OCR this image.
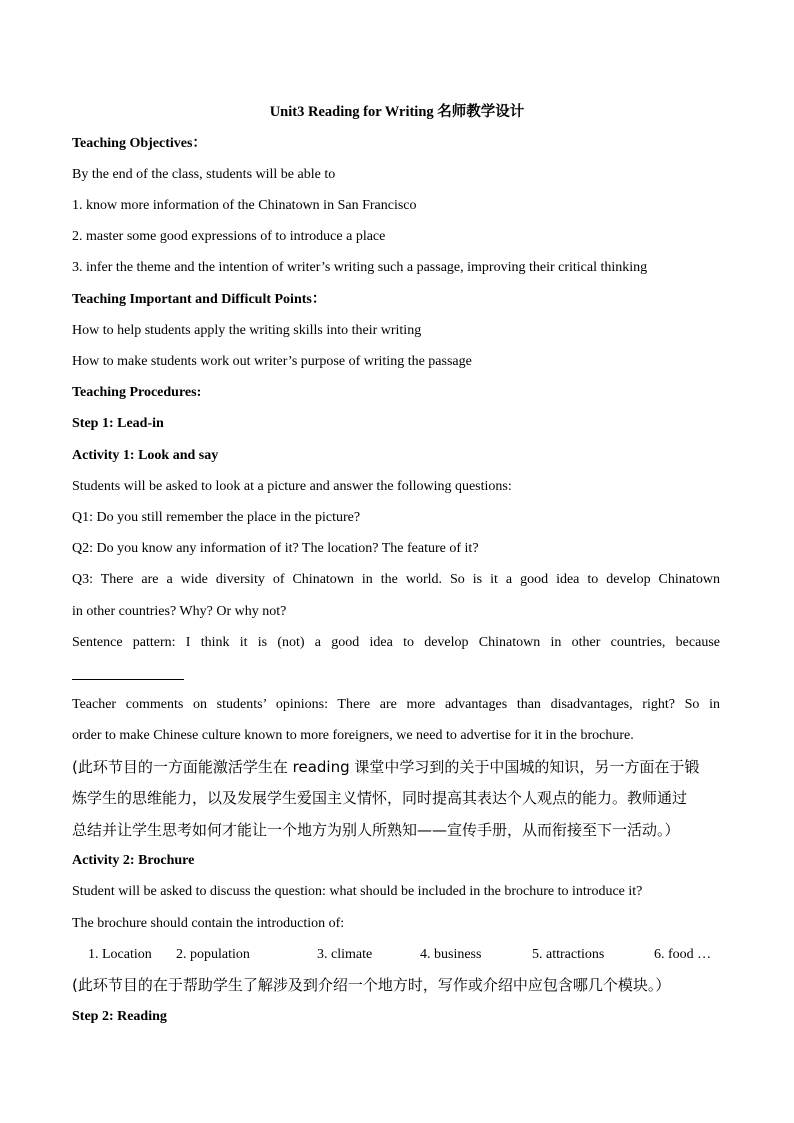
Unit3 Reading for Writing 名师教学设计
Teaching Objectives：
By the end of the class, students will be able to
1. know more information of the Chinatown in San Francisco
2. master some good expressions of to introduce a place
3. infer the theme and the intention of writer’s writing such a passage, improving their critical thinking
Teaching Important and Difficult Points：
How to help students apply the writing skills into their writing
How to make students work out writer’s purpose of writing the passage
Teaching Procedures:
Step 1: Lead-in
Activity 1: Look and say
Students will be asked to look at a picture and answer the following questions:
Q1: Do you still remember the place in the picture?
Q2: Do you know any information of it? The location? The feature of it?
Q3: There are a wide diversity of Chinatown in the world. So is it a good idea to develop Chinatown
in other countries? Why? Or why not?
Sentence pattern: I think it is (not) a good idea to develop Chinatown in other countries, because
Teacher comments on students’ opinions: There are more advantages than disadvantages, right? So in
order to make Chinese culture known to more foreigners, we need to advertise for it in the brochure.
(此环节目的一方面能激活学生在 reading 课堂中学习到的关于中国城的知识，另一方面在于锻
炼学生的思维能力，以及发展学生爱国主义情怀，同时提高其表达个人观点的能力。教师通过
总结并让学生思考如何才能让一个地方为别人所熟知——宣传手册，从而衔接至下一活动。）
Activity 2: Brochure
Student will be asked to discuss the question: what should be included in the brochure to introduce it?
The brochure should contain the introduction of:
1. Location 2. population	3. climate	4. business	5. attractions	6. food …
(此环节目的在于帮助学生了解涉及到介绍一个地方时，写作或介绍中应包含哪几个模块。）
Step 2: Reading
